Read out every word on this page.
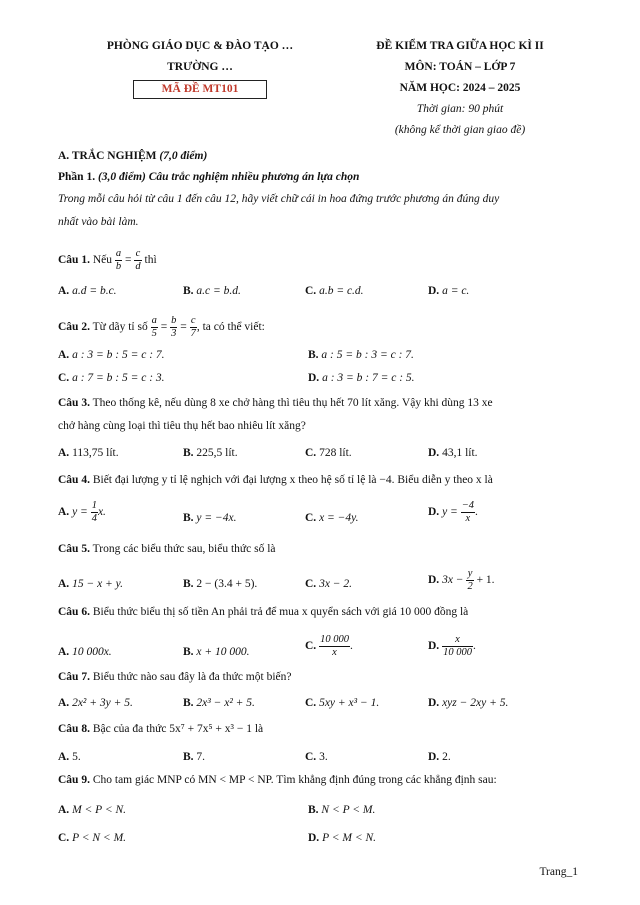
PHÒNG GIÁO DỤC & ĐÀO TẠO …
TRƯỜNG …
MÃ ĐỀ MT101
ĐỀ KIỂM TRA GIỮA HỌC KÌ II
MÔN: TOÁN – LỚP 7
NĂM HỌC: 2024 – 2025
Thời gian: 90 phút
(không kể thời gian giao đề)
A. TRẮC NGHIỆM (7,0 điểm)
Phần 1. (3,0 điểm) Câu trắc nghiệm nhiều phương án lựa chọn
Trong mỗi câu hỏi từ câu 1 đến câu 12, hãy viết chữ cái in hoa đứng trước phương án đúng duy
nhất vào bài làm.
Câu 1. Nếu $\frac{a}{b} = \frac{c}{d}$ thì
A. a.d = b.c.	B. a.c = b.d.	C. a.b = c.d.	D. a = c.
Câu 2. Từ dãy tỉ số $\frac{a}{5} = \frac{b}{3} = \frac{c}{7}$ , ta có thể viết:
A. a : 3 = b : 5 = c : 7.	B. a : 5 = b : 3 = c : 7.
C. a : 7 = b : 5 = c : 3.	D. a : 3 = b : 7 = c : 5.
Câu 3. Theo thống kê, nếu dùng 8 xe chở hàng thì tiêu thụ hết 70 lít xăng. Vậy khi dùng 13 xe
chở hàng cùng loại thì tiêu thụ hết bao nhiêu lít xăng?
A. 113,75 lít.	B. 225,5 lít.	C. 728 lít.	D. 43,1 lít.
Câu 4. Biết đại lượng y tỉ lệ nghịch với đại lượng x theo hệ số tỉ lệ là −4. Biểu diễn y theo x là
A. $y = \frac{1}{4} x$.	B. y = −4x.	C. x = −4y.	D. $y = \frac{-4}{x}$ .
Câu 5. Trong các biểu thức sau, biểu thức số là
A. 15 − x + y.	B. 2 − (3.4 + 5).	C. 3x − 2.	D. $3x - \frac{y}{2} + 1$.
Câu 6. Biểu thức biểu thị số tiền An phải trả để mua x quyển sách với giá 10 000 đồng là
A. 10 000x.	B. x + 10 000.	C. $\frac{10 000}{x}$ .	D. $\frac{x}{10 000}$ .
Câu 7. Biểu thức nào sau đây là đa thức một biến?
A. 2x² + 3y + 5.	B. 2x³ − x² + 5.	C. 5xy + x³ − 1.	D. xyz − 2xy + 5.
Câu 8. Bậc của đa thức 5x⁷ + 7x⁵ + x³ − 1 là
A. 5.	B. 7.	C. 3.	D. 2.
Câu 9. Cho tam giác MNP có MN < MP < NP. Tìm khẳng định đúng trong các khẳng định sau:
A. M < P < N.	B. N < P < M.
C. P < N < M.	D. P < M < N.
Trang_1
